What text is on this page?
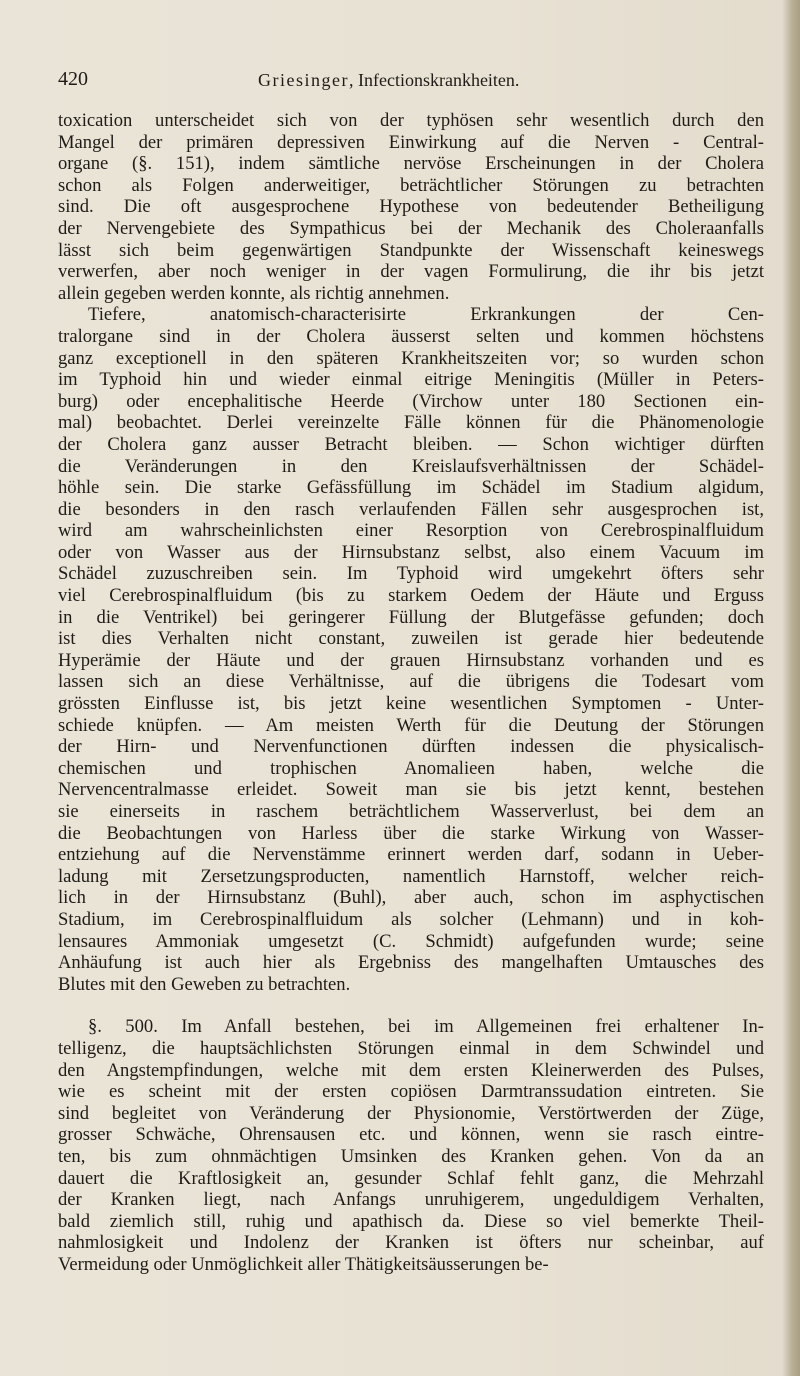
420	Griesinger, Infectionskrankheiten.
toxication unterscheidet sich von der typhösen sehr wesentlich durch den
Mangel der primären depressiven Einwirkung auf die Nerven - Central-
organe (§. 151), indem sämtliche nervöse Erscheinungen in der Cholera
schon als Folgen anderweitiger, beträchtlicher Störungen zu betrachten
sind. Die oft ausgesprochene Hypothese von bedeutender Betheiligung
der Nervengebiete des Sympathicus bei der Mechanik des Choleraanfalls
lässt sich beim gegenwärtigen Standpunkte der Wissenschaft keineswegs
verwerfen, aber noch weniger in der vagen Formulirung, die ihr bis jetzt
allein gegeben werden konnte, als richtig annehmen.
Tiefere, anatomisch-characterisirte Erkrankungen der Cen-
tralorgane sind in der Cholera äusserst selten und kommen höchstens
ganz exceptionell in den späteren Krankheitszeiten vor; so wurden schon
im Typhoid hin und wieder einmal eitrige Meningitis (Müller in Peters-
burg) oder encephalitische Heerde (Virchow unter 180 Sectionen ein-
mal) beobachtet. Derlei vereinzelte Fälle können für die Phänomenologie
der Cholera ganz ausser Betracht bleiben. — Schon wichtiger dürften
die Veränderungen in den Kreislaufsverhältnissen der Schädel-
höhle sein. Die starke Gefässfüllung im Schädel im Stadium algidum,
die besonders in den rasch verlaufenden Fällen sehr ausgesprochen ist,
wird am wahrscheinlichsten einer Resorption von Cerebrospinalfluidum
oder von Wasser aus der Hirnsubstanz selbst, also einem Vacuum im
Schädel zuzuschreiben sein. Im Typhoid wird umgekehrt öfters sehr
viel Cerebrospinalfluidum (bis zu starkem Oedem der Häute und Erguss
in die Ventrikel) bei geringerer Füllung der Blutgefässe gefunden; doch
ist dies Verhalten nicht constant, zuweilen ist gerade hier bedeutende
Hyperämie der Häute und der grauen Hirnsubstanz vorhanden und es
lassen sich an diese Verhältnisse, auf die übrigens die Todesart vom
grössten Einflusse ist, bis jetzt keine wesentlichen Symptomen - Unter-
schiede knüpfen. — Am meisten Werth für die Deutung der Störungen
der Hirn- und Nervenfunctionen dürften indessen die physicalisch-
chemischen und trophischen Anomalieen haben, welche die
Nervencentralmasse erleidet. Soweit man sie bis jetzt kennt, bestehen
sie einerseits in raschem beträchtlichem Wasserverlust, bei dem an
die Beobachtungen von Harless über die starke Wirkung von Wasser-
entziehung auf die Nervenstämme erinnert werden darf, sodann in Ueber-
ladung mit Zersetzungsproducten, namentlich Harnstoff, welcher reich-
lich in der Hirnsubstanz (Buhl), aber auch, schon im asphyctischen
Stadium, im Cerebrospinalfluidum als solcher (Lehmann) und in koh-
lensaures Ammoniak umgesetzt (C. Schmidt) aufgefunden wurde; seine
Anhäufung ist auch hier als Ergebniss des mangelhaften Umtausches des
Blutes mit den Geweben zu betrachten.
§. 500. Im Anfall bestehen, bei im Allgemeinen frei erhaltener In-
telligenz, die hauptsächlichsten Störungen einmal in dem Schwindel und
den Angstempfindungen, welche mit dem ersten Kleinerwerden des Pulses,
wie es scheint mit der ersten copiösen Darmtranssudation eintreten. Sie
sind begleitet von Veränderung der Physionomie, Verstörtwerden der Züge,
grosser Schwäche, Ohrensausen etc. und können, wenn sie rasch eintre-
ten, bis zum ohnmächtigen Umsinken des Kranken gehen. Von da an
dauert die Kraftlosigkeit an, gesunder Schlaf fehlt ganz, die Mehrzahl
der Kranken liegt, nach Anfangs unruhigerem, ungeduldigem Verhalten,
bald ziemlich still, ruhig und apathisch da. Diese so viel bemerkte Theil-
nahmlosigkeit und Indolenz der Kranken ist öfters nur scheinbar, auf
Vermeidung oder Unmöglichkeit aller Thätigkeitsäusserungen be-
